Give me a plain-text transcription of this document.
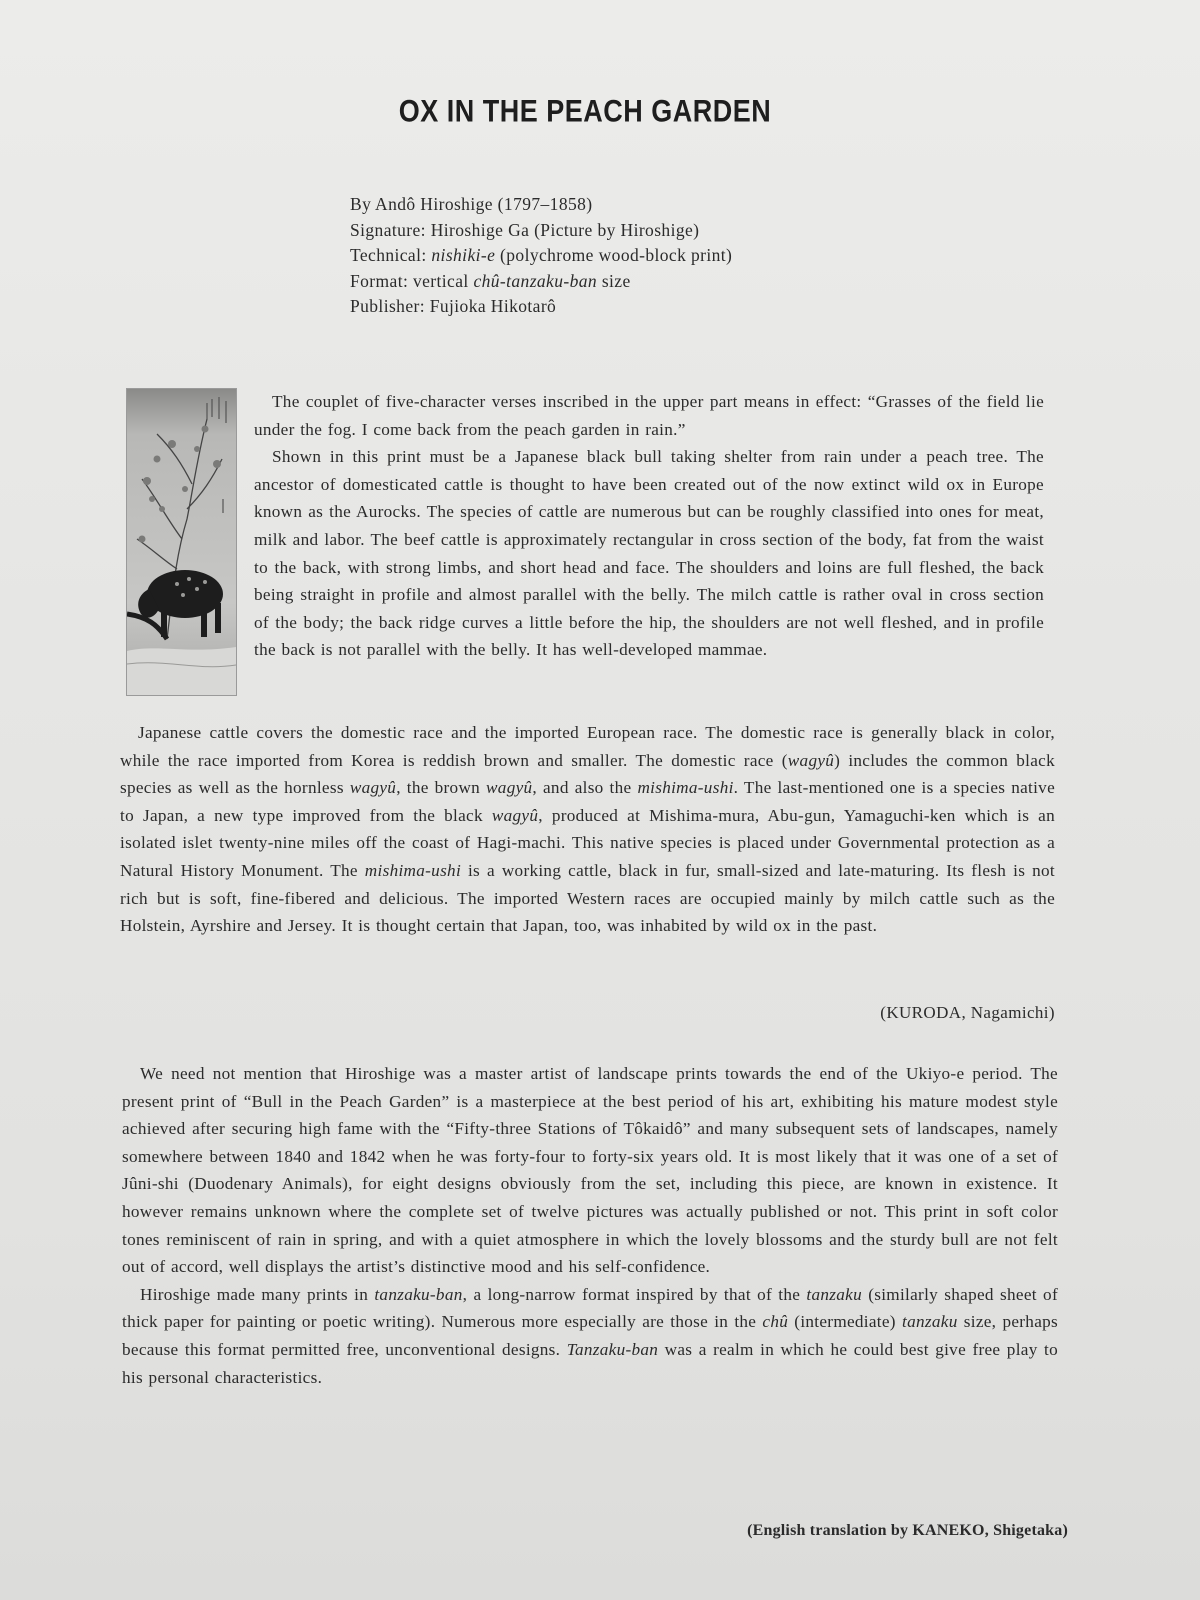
OX IN THE PEACH GARDEN
By Andô Hiroshige (1797–1858)
Signature: Hiroshige Ga (Picture by Hiroshige)
Technical: nishiki-e (polychrome wood-block print)
Format: vertical chû-tanzaku-ban size
Publisher: Fujioka Hikotarô

The couplet of five-character verses inscribed in the upper part means in effect: “Grasses of the field lie under the fog. I come back from the peach garden in rain.”

Shown in this print must be a Japanese black bull taking shelter from rain under a peach tree. The ancestor of domesticated cattle is thought to have been created out of the now extinct wild ox in Europe known as the Aurocks. The species of cattle are numerous but can be roughly classified into ones for meat, milk and labor. The beef cattle is approximately rectangular in cross section of the body, fat from the waist to the back, with strong limbs, and short head and face. The shoulders and loins are full fleshed, the back being straight in profile and almost parallel with the belly. The milch cattle is rather oval in cross section of the body; the back ridge curves a little before the hip, the shoulders are not well fleshed, and in profile the back is not parallel with the belly. It has well-developed mammae.

Japanese cattle covers the domestic race and the imported European race. The domestic race is generally black in color, while the race imported from Korea is reddish brown and smaller. The domestic race (wagyû) includes the common black species as well as the hornless wagyû, the brown wagyû, and also the mishima-ushi. The last-mentioned one is a species native to Japan, a new type improved from the black wagyû, produced at Mishima-mura, Abu-gun, Yamaguchi-ken which is an isolated islet twenty-nine miles off the coast of Hagi-machi. This native species is placed under Governmental protection as a Natural History Monument. The mishima-ushi is a working cattle, black in fur, small-sized and late-maturing. Its flesh is not rich but is soft, fine-fibered and delicious. The imported Western races are occupied mainly by milch cattle such as the Holstein, Ayrshire and Jersey. It is thought certain that Japan, too, was inhabited by wild ox in the past.

(KURODA, Nagamichi)

We need not mention that Hiroshige was a master artist of landscape prints towards the end of the Ukiyo-e period. The present print of “Bull in the Peach Garden” is a masterpiece at the best period of his art, exhibiting his mature modest style achieved after securing high fame with the “Fifty-three Stations of Tôkaidô” and many subsequent sets of landscapes, namely somewhere between 1840 and 1842 when he was forty-four to forty-six years old. It is most likely that it was one of a set of Jûni-shi (Duodenary Animals), for eight designs obviously from the set, including this piece, are known in existence. It however remains unknown where the complete set of twelve pictures was actually published or not. This print in soft color tones reminiscent of rain in spring, and with a quiet atmosphere in which the lovely blossoms and the sturdy bull are not felt out of accord, well displays the artist’s distinctive mood and his self-confidence.

Hiroshige made many prints in tanzaku-ban, a long-narrow format inspired by that of the tanzaku (similarly shaped sheet of thick paper for painting or poetic writing). Numerous more especially are those in the chû (intermediate) tanzaku size, perhaps because this format permitted free, unconventional designs. Tanzaku-ban was a realm in which he could best give free play to his personal characteristics.

(English translation by KANEKO, Shigetaka)
